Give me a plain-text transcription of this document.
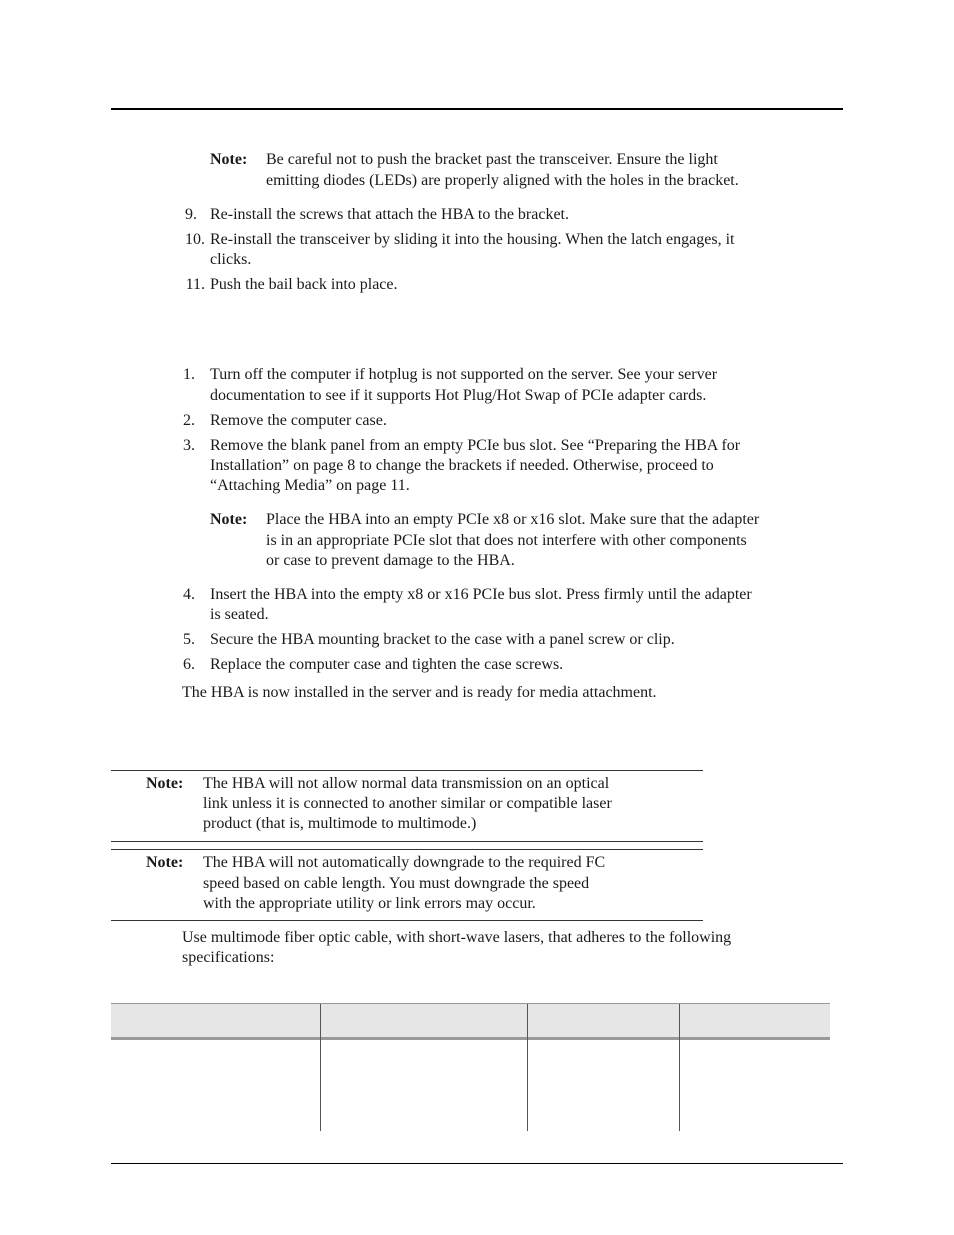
Note: Be careful not to push the bracket past the transceiver. Ensure the light
emitting diodes (LEDs) are properly aligned with the holes in the bracket.
9. Re-install the screws that attach the HBA to the bracket.
10. Re-install the transceiver by sliding it into the housing. When the latch engages, it
clicks.
11. Push the bail back into place.
1. Turn off the computer if hotplug is not supported on the server. See your server
documentation to see if it supports Hot Plug/Hot Swap of PCIe adapter cards.
2. Remove the computer case.
3. Remove the blank panel from an empty PCIe bus slot. See “Preparing the HBA for
Installation” on page 8 to change the brackets if needed. Otherwise, proceed to
“Attaching Media” on page 11.
Note: Place the HBA into an empty PCIe x8 or x16 slot. Make sure that the adapter
is in an appropriate PCIe slot that does not interfere with other components
or case to prevent damage to the HBA.
4. Insert the HBA into the empty x8 or x16 PCIe bus slot. Press firmly until the adapter
is seated.
5. Secure the HBA mounting bracket to the case with a panel screw or clip.
6. Replace the computer case and tighten the case screws.
The HBA is now installed in the server and is ready for media attachment.
Note: The HBA will not allow normal data transmission on an optical
link unless it is connected to another similar or compatible laser
product (that is, multimode to multimode.)
Note: The HBA will not automatically downgrade to the required FC
speed based on cable length. You must downgrade the speed
with the appropriate utility or link errors may occur.
Use multimode fiber optic cable, with short-wave lasers, that adheres to the following
specifications:
